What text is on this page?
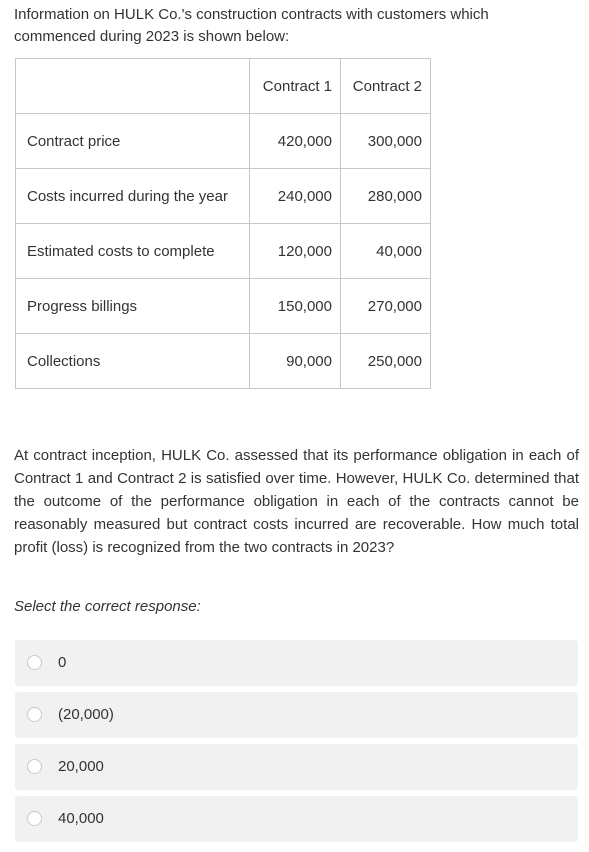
Information on HULK Co.'s construction contracts with customers which
commenced during 2023 is shown below:
	Contract 1	Contract 2
Contract price	420,000	300,000
Costs incurred during the year	240,000	280,000
Estimated costs to complete	120,000	40,000
Progress billings	150,000	270,000
Collections	90,000	250,000
At contract inception, HULK Co. assessed that its performance obligation in each of Contract 1 and Contract 2 is satisfied over time. However, HULK Co. determined that the outcome of the performance obligation in each of the contracts cannot be reasonably measured but contract costs incurred are recoverable. How much total profit (loss) is recognized from the two contracts in 2023?
Select the correct response:
0
(20,000)
20,000
40,000
